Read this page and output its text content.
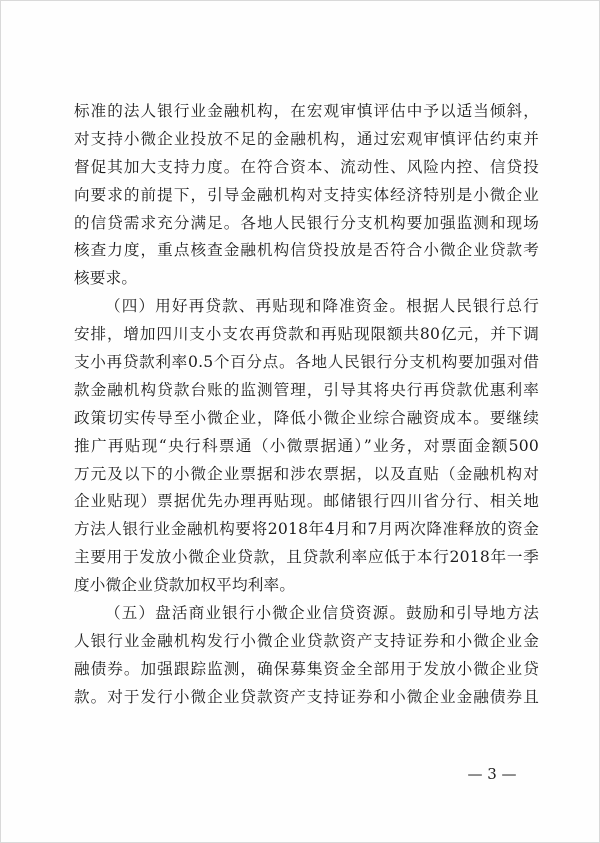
标准的法人银行业金融机构，在宏观审慎评估中予以适当倾斜，
对支持小微企业投放不足的金融机构，通过宏观审慎评估约束并
督促其加大支持力度。在符合资本、流动性、风险内控、信贷投
向要求的前提下，引导金融机构对支持实体经济特别是小微企业
的信贷需求充分满足。各地人民银行分支机构要加强监测和现场
核查力度，重点核查金融机构信贷投放是否符合小微企业贷款考
核要求。
（四）用好再贷款、再贴现和降准资金。根据人民银行总行
安排，增加四川支小支农再贷款和再贴现限额共80亿元，并下调
支小再贷款利率0.5个百分点。各地人民银行分支机构要加强对借
款金融机构贷款台账的监测管理，引导其将央行再贷款优惠利率
政策切实传导至小微企业，降低小微企业综合融资成本。要继续
推广再贴现“央行科票通（小微票据通）”业务，对票面金额500
万元及以下的小微企业票据和涉农票据，以及直贴（金融机构对
企业贴现）票据优先办理再贴现。邮储银行四川省分行、相关地
方法人银行业金融机构要将2018年4月和7月两次降准释放的资金
主要用于发放小微企业贷款，且贷款利率应低于本行2018年一季
度小微企业贷款加权平均利率。
（五）盘活商业银行小微企业信贷资源。鼓励和引导地方法
人银行业金融机构发行小微企业贷款资产支持证券和小微企业金
融债券。加强跟踪监测，确保募集资金全部用于发放小微企业贷
款。对于发行小微企业贷款资产支持证券和小微企业金融债券且
— 3 —
